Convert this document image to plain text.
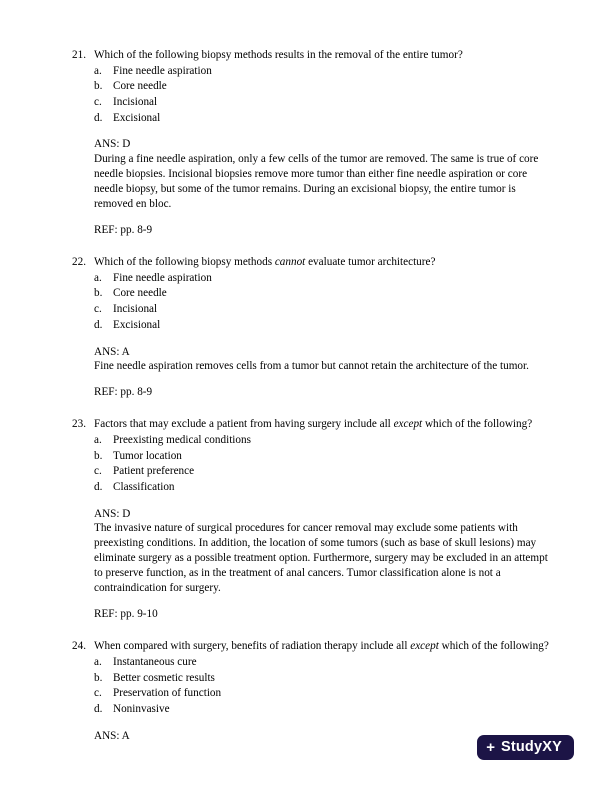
21. Which of the following biopsy methods results in the removal of the entire tumor?
a.	Fine needle aspiration
b. Core needle
c.	Incisional
d. Excisional
ANS: D
During a fine needle aspiration, only a few cells of the tumor are removed. The same is true of core needle biopsies. Incisional biopsies remove more tumor than either fine needle aspiration or core needle biopsy, but some of the tumor remains. During an excisional biopsy, the entire tumor is removed en bloc.
REF: pp. 8-9
22. Which of the following biopsy methods cannot evaluate tumor architecture?
a.	Fine needle aspiration
b. Core needle
c.	Incisional
d. Excisional
ANS: A
Fine needle aspiration removes cells from a tumor but cannot retain the architecture of the tumor.
REF: pp. 8-9
23. Factors that may exclude a patient from having surgery include all except which of the following?
a.	Preexisting medical conditions
b. Tumor location
c.	Patient preference
d. Classification
ANS: D
The invasive nature of surgical procedures for cancer removal may exclude some patients with preexisting conditions. In addition, the location of some tumors (such as base of skull lesions) may eliminate surgery as a possible treatment option. Furthermore, surgery may be excluded in an attempt to preserve function, as in the treatment of anal cancers. Tumor classification alone is not a contraindication for surgery.
REF: pp. 9-10
24. When compared with surgery, benefits of radiation therapy include all except which of the following?
a.	Instantaneous cure
b. Better cosmetic results
c.	Preservation of function
d. Noninvasive
ANS: A
+ StudyXY
